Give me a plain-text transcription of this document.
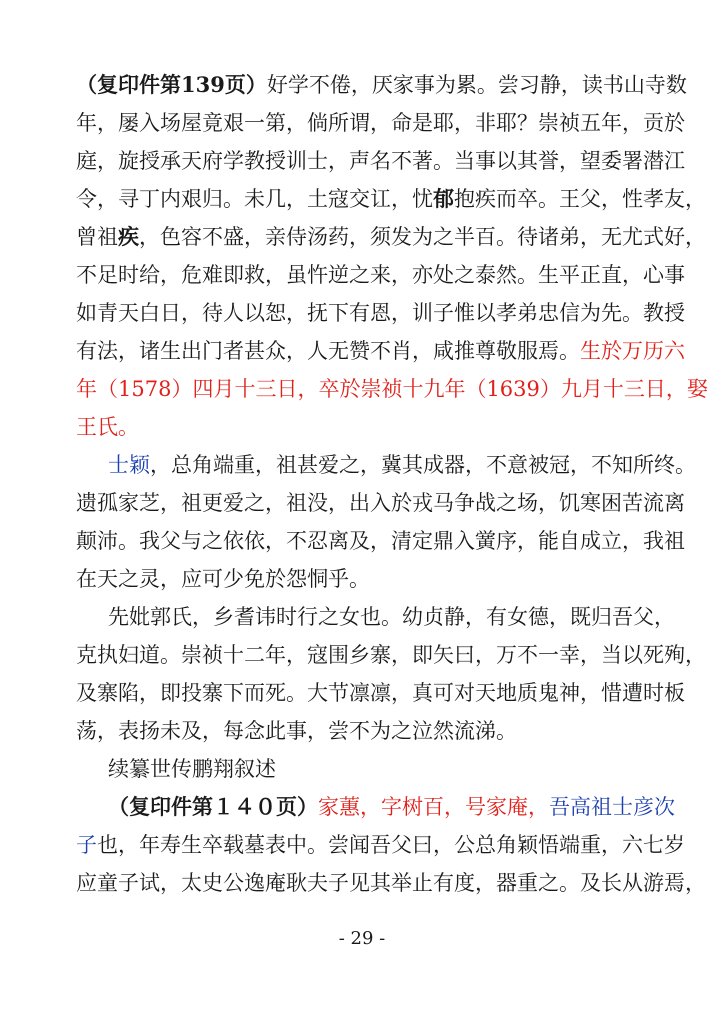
（复印件第139页）好学不倦，厌家事为累。尝习静，读书山寺数
年，屡入场屋竟艰一第，倘所谓，命是耶，非耶？崇祯五年，贡於
庭，旋授承天府学教授训士，声名不著。当事以其誉，望委署潜江
令，寻丁内艰归。未几，土寇交讧，忧郁抱疾而卒。王父，性孝友，
曾祖疾，色容不盛，亲侍汤药，须发为之半百。待诸弟，无尤式好，
不足时给，危难即救，虽忤逆之来，亦处之泰然。生平正直，心事
如青天白日，待人以恕，抚下有恩，训子惟以孝弟忠信为先。教授
有法，诸生出门者甚众，人无赞不肖，咸推尊敬服焉。生於万历六
年（1578）四月十三日，卒於崇祯十九年（1639）九月十三日，娶
王氏。
士颖，总角端重，祖甚爱之，冀其成器，不意被冠，不知所终。
遗孤家芝，祖更爱之，祖没，出入於戎马争战之场，饥寒困苦流离
颠沛。我父与之依依，不忍离及，清定鼎入黉序，能自成立，我祖
在天之灵，应可少免於怨恫乎。
先妣郭氏，乡耆讳时行之女也。幼贞静，有女德，既归吾父，
克执妇道。崇祯十二年，寇围乡寨，即矢曰，万不一幸，当以死殉，
及寨陷，即投寨下而死。大节凛凛，真可对天地质鬼神，惜遭时板
荡，表扬未及，每念此事，尝不为之泣然流涕。
续纂世传鹏翔叙述
（复印件第１４０页）家蕙，字树百，号家庵，吾高祖士彦次
子也，年寿生卒载墓表中。尝闻吾父曰，公总角颖悟端重，六七岁
应童子试，太史公逸庵耿夫子见其举止有度，器重之。及长从游焉，
- 29 -
